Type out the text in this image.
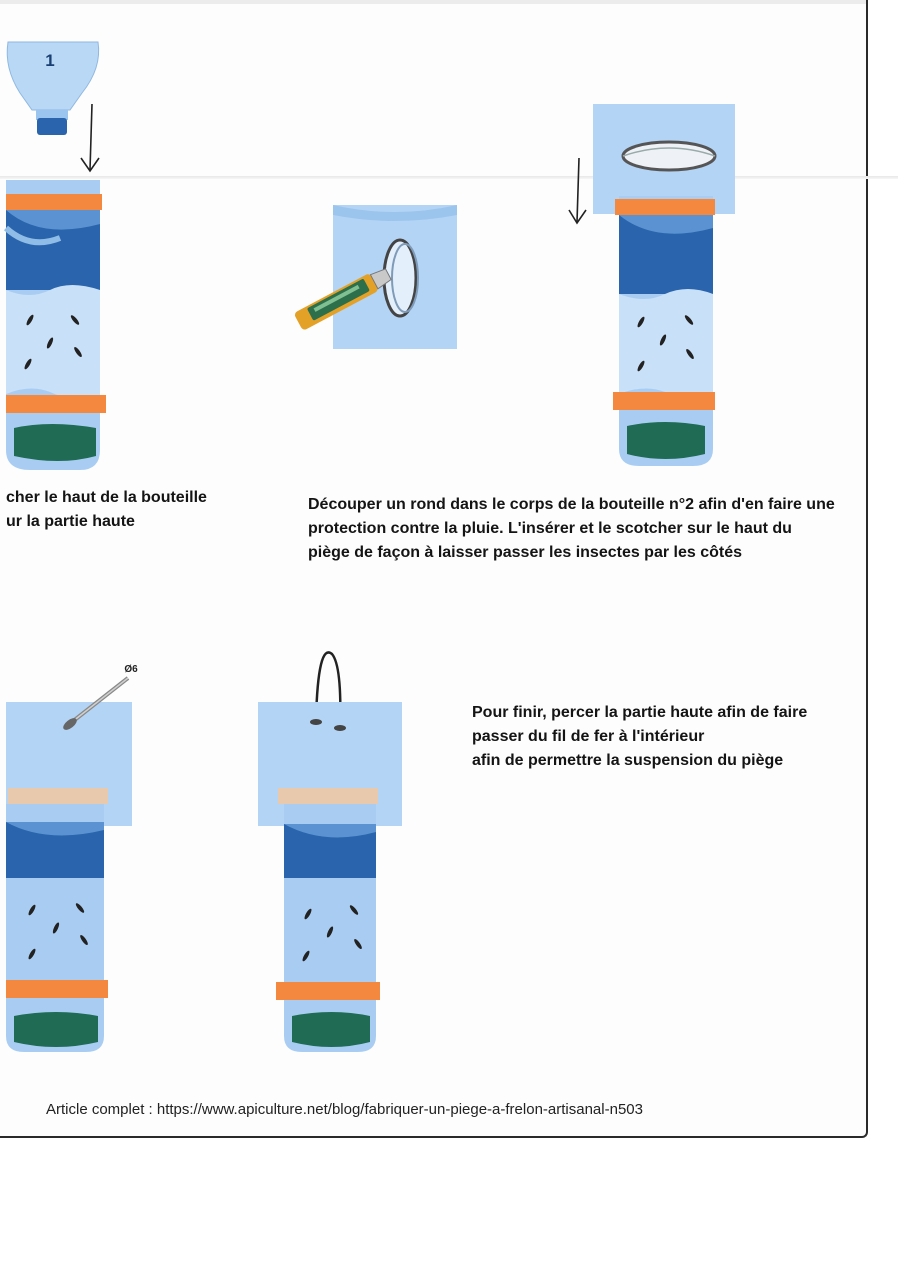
1
Ø6

cher le haut de la bouteille
ur la partie haute

Découper un rond dans le corps de la bouteille n°2 afin d'en faire une
protection contre la pluie. L'insérer et le scotcher sur le haut du
piège de façon à laisser passer les insectes par les côtés

Pour finir, percer la partie haute afin de faire
passer du fil de fer à l'intérieur
afin de permettre la suspension du piège

Article complet : https://www.apiculture.net/blog/fabriquer-un-piege-a-frelon-artisanal-n503
